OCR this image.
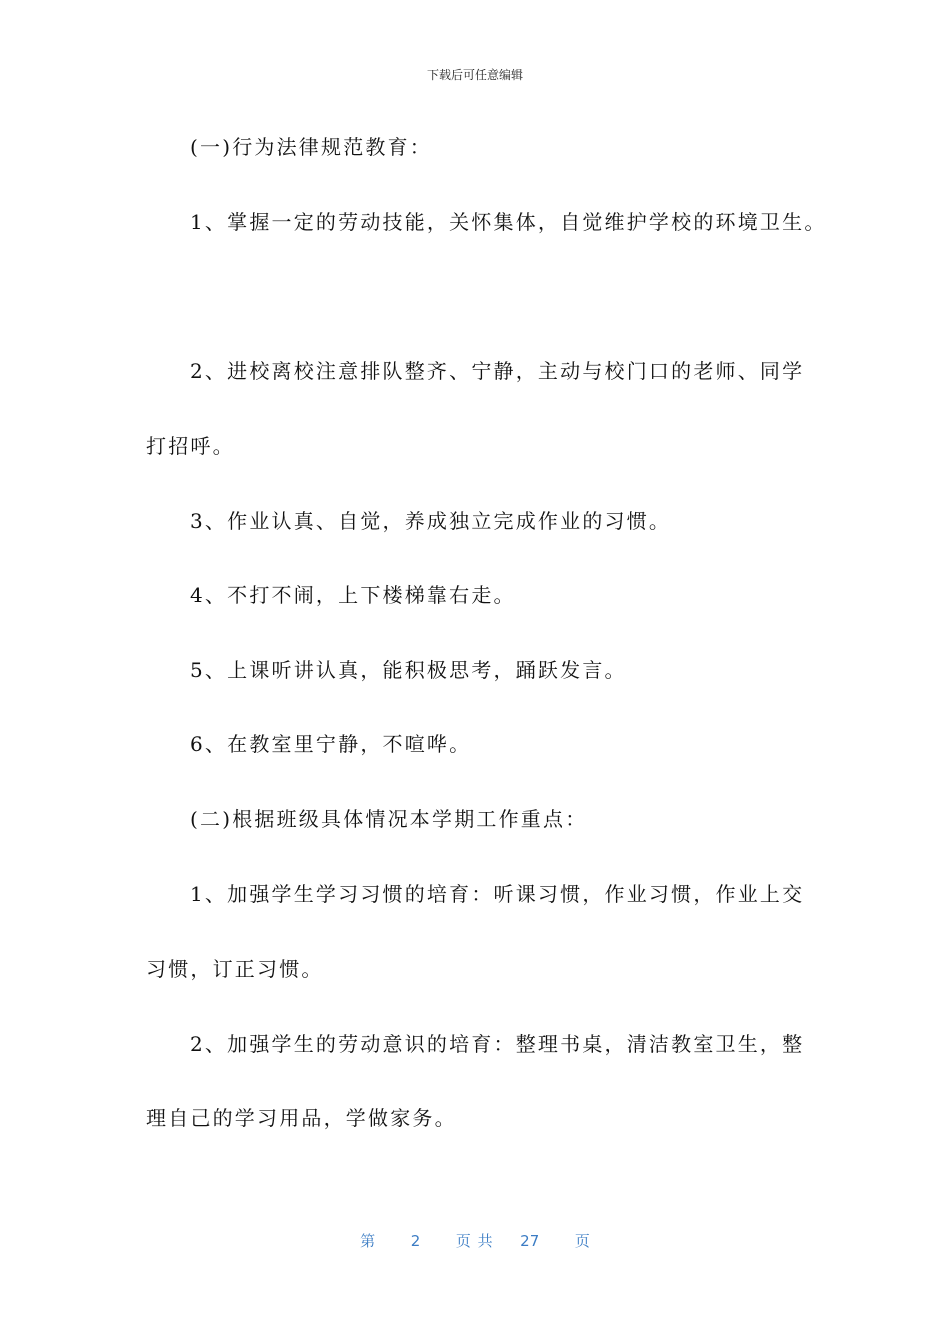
下载后可任意编辑
(一)行为法律规范教育：
1、掌握一定的劳动技能，关怀集体，自觉维护学校的环境卫生。
2、进校离校注意排队整齐、宁静，主动与校门口的老师、同学
打招呼。
3、作业认真、自觉，养成独立完成作业的习惯。
4、不打不闹，上下楼梯靠右走。
5、上课听讲认真，能积极思考，踊跃发言。
6、在教室里宁静，不喧哗。
(二)根据班级具体情况本学期工作重点：
1、加强学生学习习惯的培育：听课习惯，作业习惯，作业上交
习惯，订正习惯。
2、加强学生的劳动意识的培育：整理书桌，清洁教室卫生，整
理自己的学习用品，学做家务。
第 2 页 共 27 页
